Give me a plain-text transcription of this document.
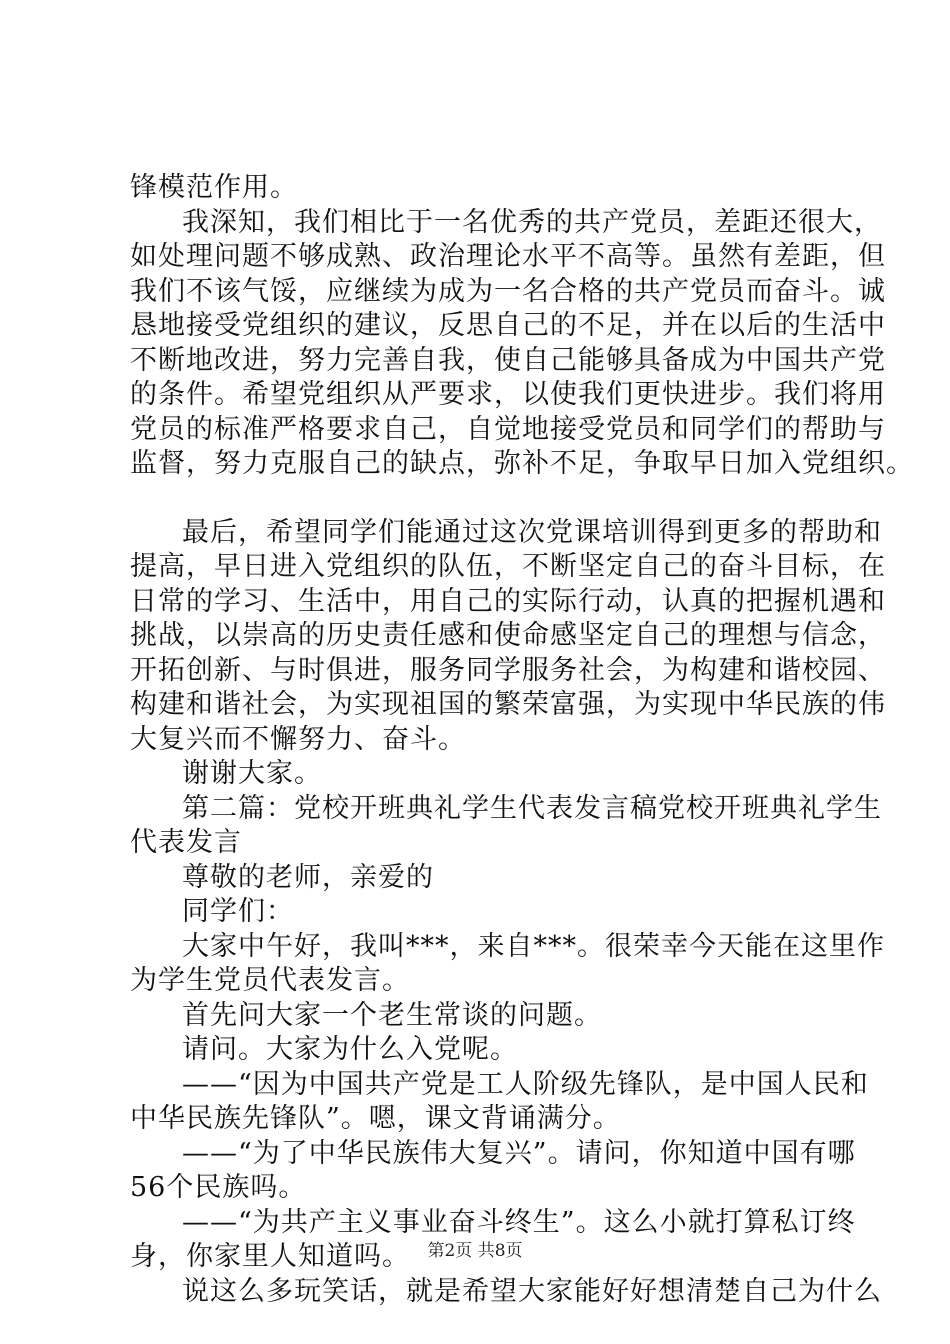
锋模范作用。
我深知，我们相比于一名优秀的共产党员，差距还很大，
如处理问题不够成熟、政治理论水平不高等。虽然有差距，但
我们不该气馁，应继续为成为一名合格的共产党员而奋斗。诚
恳地接受党组织的建议，反思自己的不足，并在以后的生活中
不断地改进，努力完善自我，使自己能够具备成为中国共产党
的条件。希望党组织从严要求，以使我们更快进步。我们将用
党员的标准严格要求自己，自觉地接受党员和同学们的帮助与
监督，努力克服自己的缺点，弥补不足，争取早日加入党组织。
最后，希望同学们能通过这次党课培训得到更多的帮助和
提高，早日进入党组织的队伍，不断坚定自己的奋斗目标，在
日常的学习、生活中，用自己的实际行动，认真的把握机遇和
挑战，以崇高的历史责任感和使命感坚定自己的理想与信念，
开拓创新、与时俱进，服务同学服务社会，为构建和谐校园、
构建和谐社会，为实现祖国的繁荣富强，为实现中华民族的伟
大复兴而不懈努力、奋斗。
谢谢大家。
第二篇：党校开班典礼学生代表发言稿党校开班典礼学生
代表发言
尊敬的老师，亲爱的
同学们：
大家中午好，我叫***，来自***。很荣幸今天能在这里作
为学生党员代表发言。
首先问大家一个老生常谈的问题。
请问。大家为什么入党呢。
——“因为中国共产党是工人阶级先锋队，是中国人民和
中华民族先锋队”。嗯，课文背诵满分。
——“为了中华民族伟大复兴”。请问，你知道中国有哪
56个民族吗。
——“为共产主义事业奋斗终生”。这么小就打算私订终
身，你家里人知道吗。
说这么多玩笑话，就是希望大家能好好想清楚自己为什么
第2页 共8页
